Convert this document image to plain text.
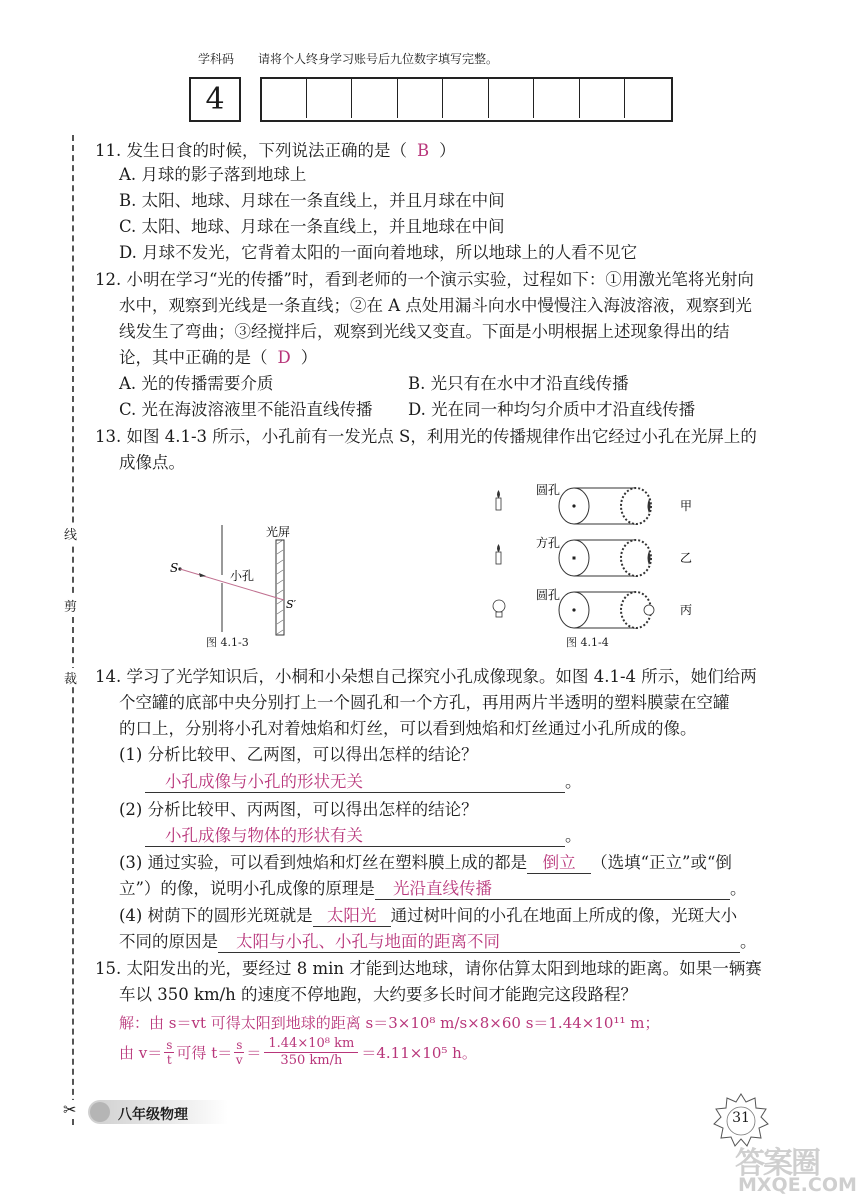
学科码 请将个人终身学习账号后九位数字填写完整。
4
线
剪
裁
✂
11. 发生日食的时候，下列说法正确的是（ B ）
A. 月球的影子落到地球上
B. 太阳、地球、月球在一条直线上，并且月球在中间
C. 太阳、地球、月球在一条直线上，并且地球在中间
D. 月球不发光，它背着太阳的一面向着地球，所以地球上的人看不见它
12. 小明在学习“光的传播”时，看到老师的一个演示实验，过程如下：①用激光笔将光射向
水中，观察到光线是一条直线；②在 A 点处用漏斗向水中慢慢注入海波溶液，观察到光
线发生了弯曲；③经搅拌后，观察到光线又变直。下面是小明根据上述现象得出的结
论，其中正确的是（ D ）
A. 光的传播需要介质	B. 光只有在水中才沿直线传播
C. 光在海波溶液里不能沿直线传播 D. 光在同一种均匀介质中才沿直线传播
13. 如图 4.1-3 所示，小孔前有一发光点 S，利用光的传播规律作出它经过小孔在光屏上的
成像点。
S
小孔
光屏
S′
图 4.1-3
圆孔
方孔
圆孔
甲
乙
丙
图 4.1-4
14. 学习了光学知识后，小桐和小朵想自己探究小孔成像现象。如图 4.1-4 所示，她们给两
个空罐的底部中央分别打上一个圆孔和一个方孔，再用两片半透明的塑料膜蒙在空罐
的口上，分别将小孔对着烛焰和灯丝，可以看到烛焰和灯丝通过小孔所成的像。
(1) 分析比较甲、乙两图，可以得出怎样的结论？
小孔成像与小孔的形状无关	。
(2) 分析比较甲、丙两图，可以得出怎样的结论？
小孔成像与物体的形状有关	。
(3) 通过实验，可以看到烛焰和灯丝在塑料膜上成的都是 倒立 （选填“正立”或“倒
立”）的像，说明小孔成像的原理是 光沿直线传播	。
(4) 树荫下的圆形光斑就是 太阳光 通过树叶间的小孔在地面上所成的像，光斑大小
不同的原因是 太阳与小孔、小孔与地面的距离不同	。
15. 太阳发出的光，要经过 8 min 才能到达地球，请你估算太阳到地球的距离。如果一辆赛
车以 350 km/h 的速度不停地跑，大约要多长时间才能跑完这段路程？
解：由 s＝vt 可得太阳到地球的距离 s＝3×10⁸ m/s×8×60 s＝1.44×10¹¹ m；
由 v＝ s
t 可得 t＝ s
v ＝
1.44×10⁸ km
350 km/h ＝4.11×10⁵ h。
八年级物理	31
答案圈
MXQE.COM
